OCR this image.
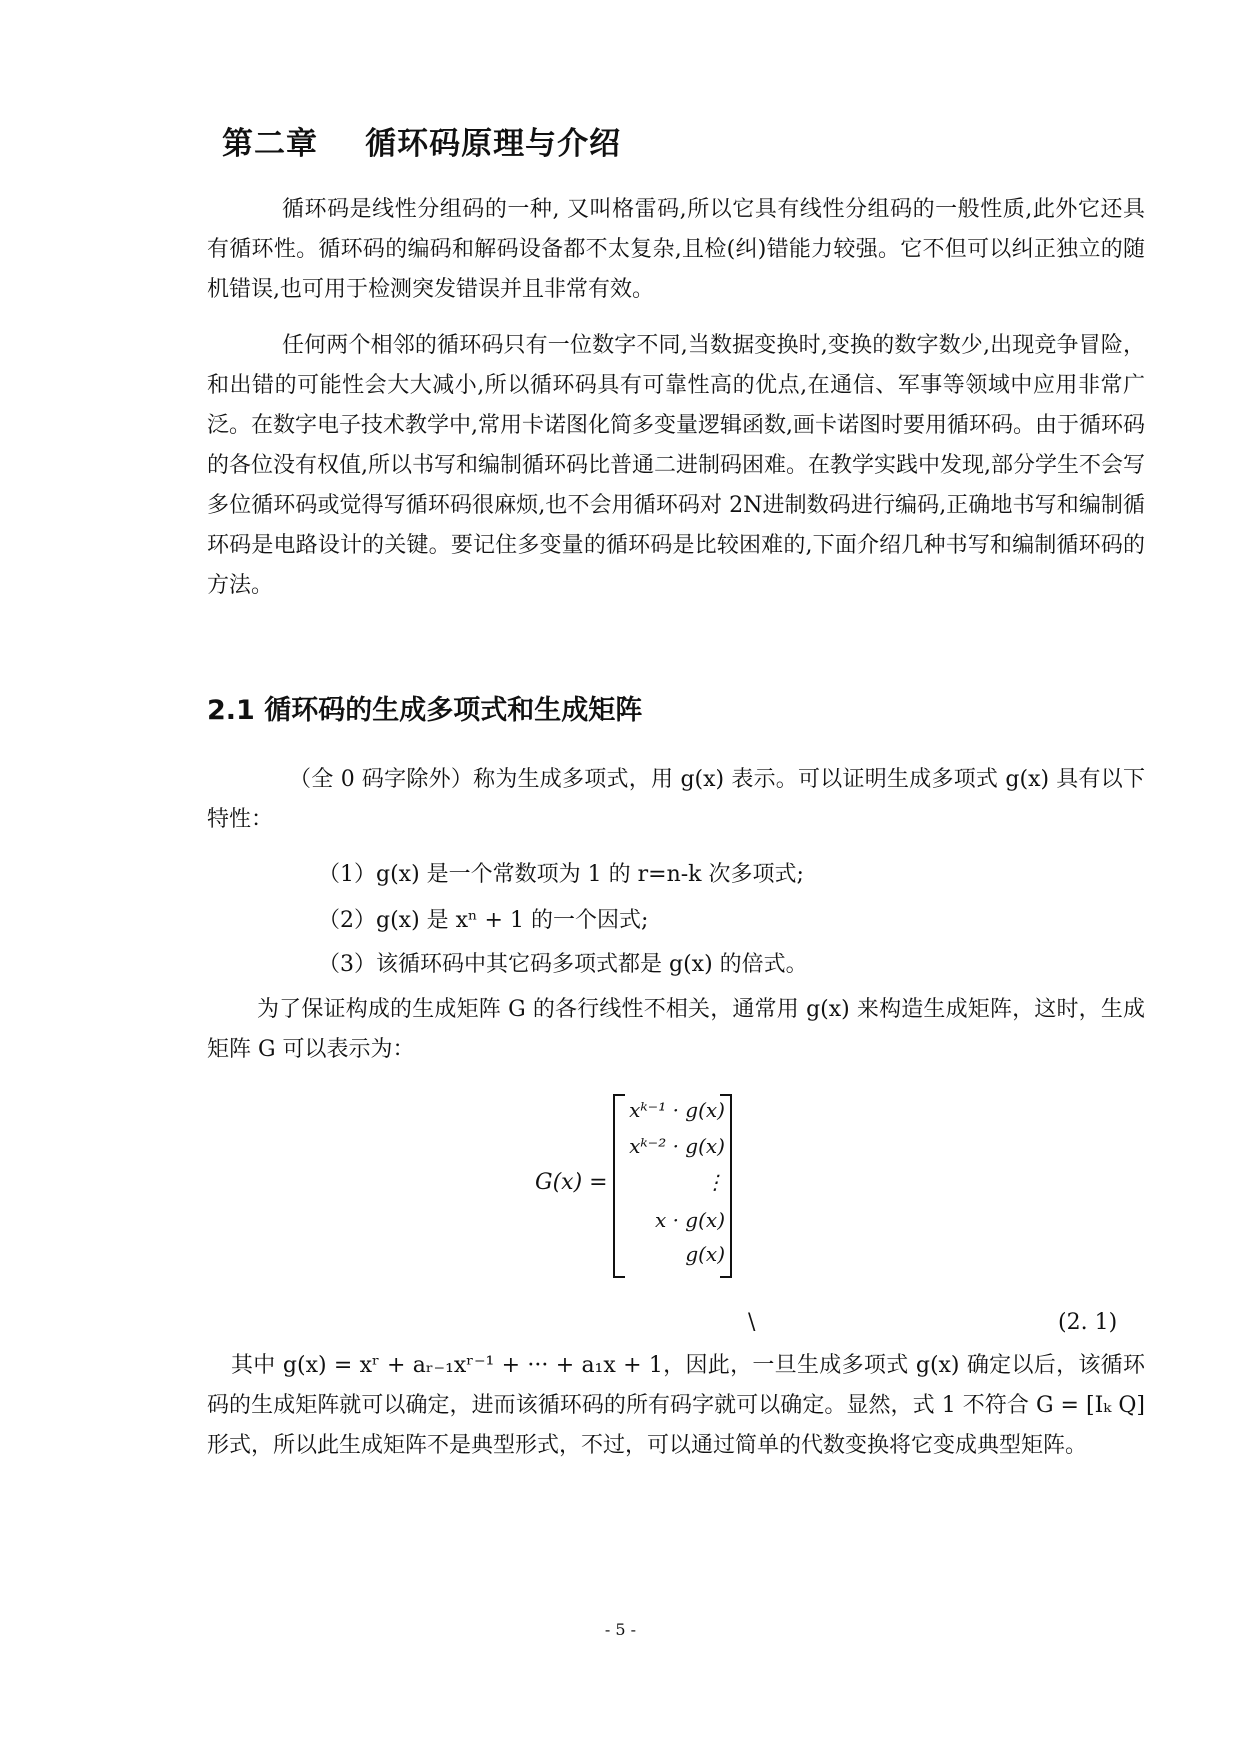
第二章    循环码原理与介绍
循环码是线性分组码的一种, 又叫格雷码,所以它具有线性分组码的一般性质,此外它还具有循环性。循环码的编码和解码设备都不太复杂,且检(纠)错能力较强。它不但可以纠正独立的随机错误,也可用于检测突发错误并且非常有效。
任何两个相邻的循环码只有一位数字不同,当数据变换时,变换的数字数少,出现竞争冒险，和出错的可能性会大大减小,所以循环码具有可靠性高的优点,在通信、军事等领域中应用非常广泛。在数字电子技术教学中,常用卡诺图化简多变量逻辑函数,画卡诺图时要用循环码。由于循环码的各位没有权值,所以书写和编制循环码比普通二进制码困难。在教学实践中发现,部分学生不会写多位循环码或觉得写循环码很麻烦,也不会用循环码对 2N进制数码进行编码,正确地书写和编制循环码是电路设计的关键。要记住多变量的循环码是比较困难的,下面介绍几种书写和编制循环码的方法。
2.1 循环码的生成多项式和生成矩阵
（全 0 码字除外）称为生成多项式，用 g(x) 表示。可以证明生成多项式 g(x) 具有以下特性：
（1）g(x) 是一个常数项为 1 的 r=n-k 次多项式;
（2）g(x) 是 xⁿ + 1 的一个因式;
（3）该循环码中其它码多项式都是 g(x) 的倍式。
为了保证构成的生成矩阵 G 的各行线性不相关，通常用 g(x) 来构造生成矩阵，这时，生成矩阵 G 可以表示为：
G(x) =
xᵏ⁻¹ · g(x)
xᵏ⁻² · g(x)
⋮
x · g(x)
g(x)
\	(2. 1)
其中 g(x) = xʳ + aᵣ₋₁xʳ⁻¹ + ··· + a₁x + 1，因此，一旦生成多项式 g(x) 确定以后，该循环码的生成矩阵就可以确定，进而该循环码的所有码字就可以确定。显然，式 1 不符合 G = [Iₖ Q] 形式，所以此生成矩阵不是典型形式，不过，可以通过简单的代数变换将它变成典型矩阵。
- 5 -
